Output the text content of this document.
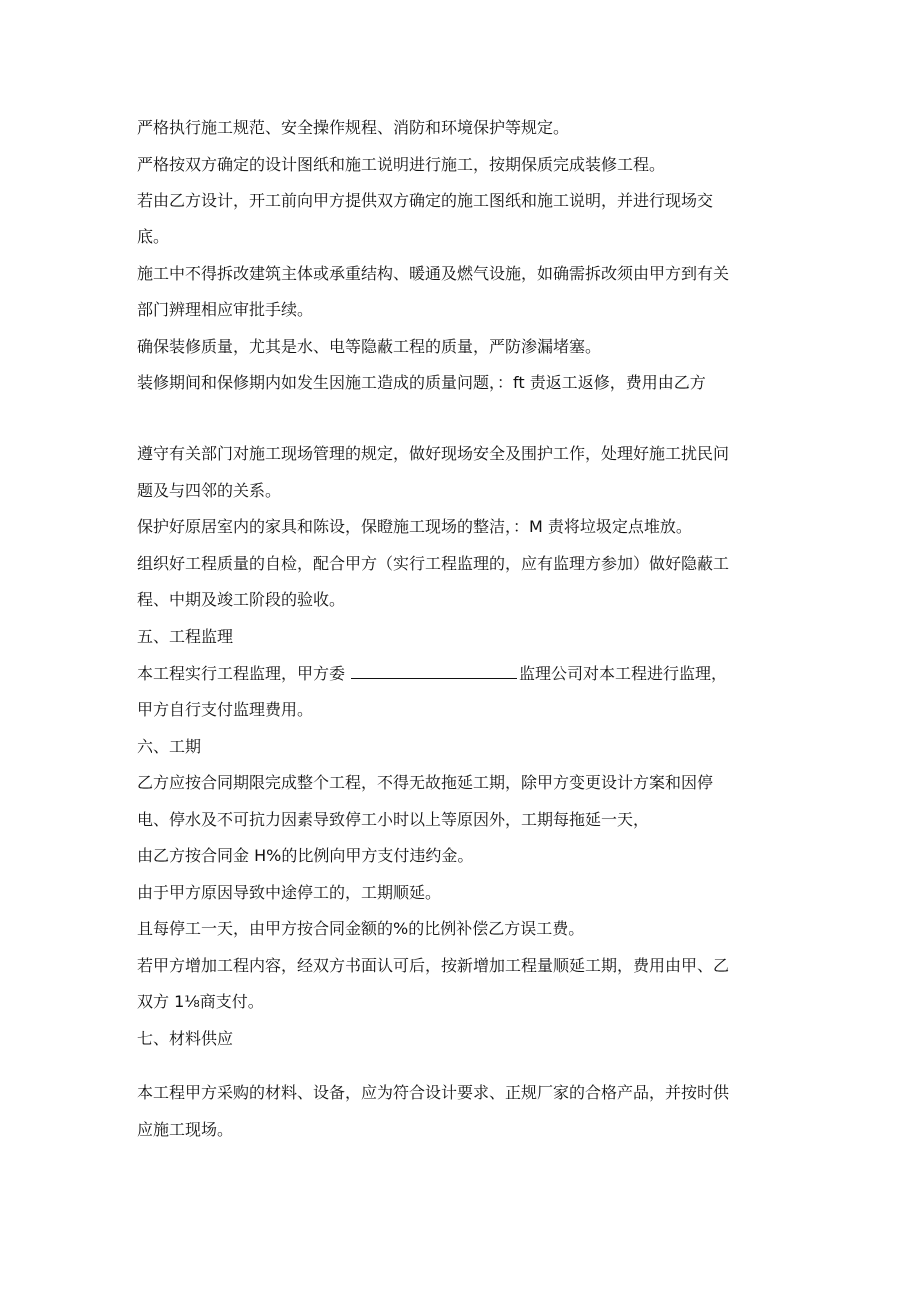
严格执行施工规范、安全操作规程、消防和环境保护等规定。
严格按双方确定的设计图纸和施工说明进行施工，按期保质完成装修工程。
若由乙方设计，开工前向甲方提供双方确定的施工图纸和施工说明，并进行现场交
底。
施工中不得拆改建筑主体或承重结构、暖通及燃气设施，如确需拆改须由甲方到有关
部门辨理相应审批手续。
确保装修质量，尤其是水、电等隐蔽工程的质量，严防渗漏堵塞。
装修期间和保修期内如发生因施工造成的质量问题，：ft 责返工返修，费用由乙方
遵守有关部门对施工现场管理的规定，做好现场安全及围护工作，处理好施工扰民问
题及与四邻的关系。
保护好原居室内的家具和陈设，保瞪施工现场的整洁，：M 责将垃圾定点堆放。
组织好工程质量的自检，配合甲方（实行工程监理的，应有监理方参加）做好隐蔽工
程、中期及竣工阶段的验收。
五、工程监理
本工程实行工程监理，甲方委	监理公司对本工程进行监理，
甲方自行支付监理费用。
六、工期
乙方应按合同期限完成整个工程，不得无故拖延工期，除甲方变更设计方案和因停
电、停水及不可抗力因素导致停工小时以上等原因外，工期每拖延一天，
由乙方按合同金 H%的比例向甲方支付违约金。
由于甲方原因导致中途停工的，工期顺延。
且每停工一天，由甲方按合同金额的%的比例补偿乙方误工费。
若甲方增加工程内容，经双方书面认可后，按新增加工程量顺延工期，费用由甲、乙
双方 1⅛商支付。
七、材料供应
本工程甲方采购的材料、设备，应为符合设计要求、正规厂家的合格产品，并按时供
应施工现场。
